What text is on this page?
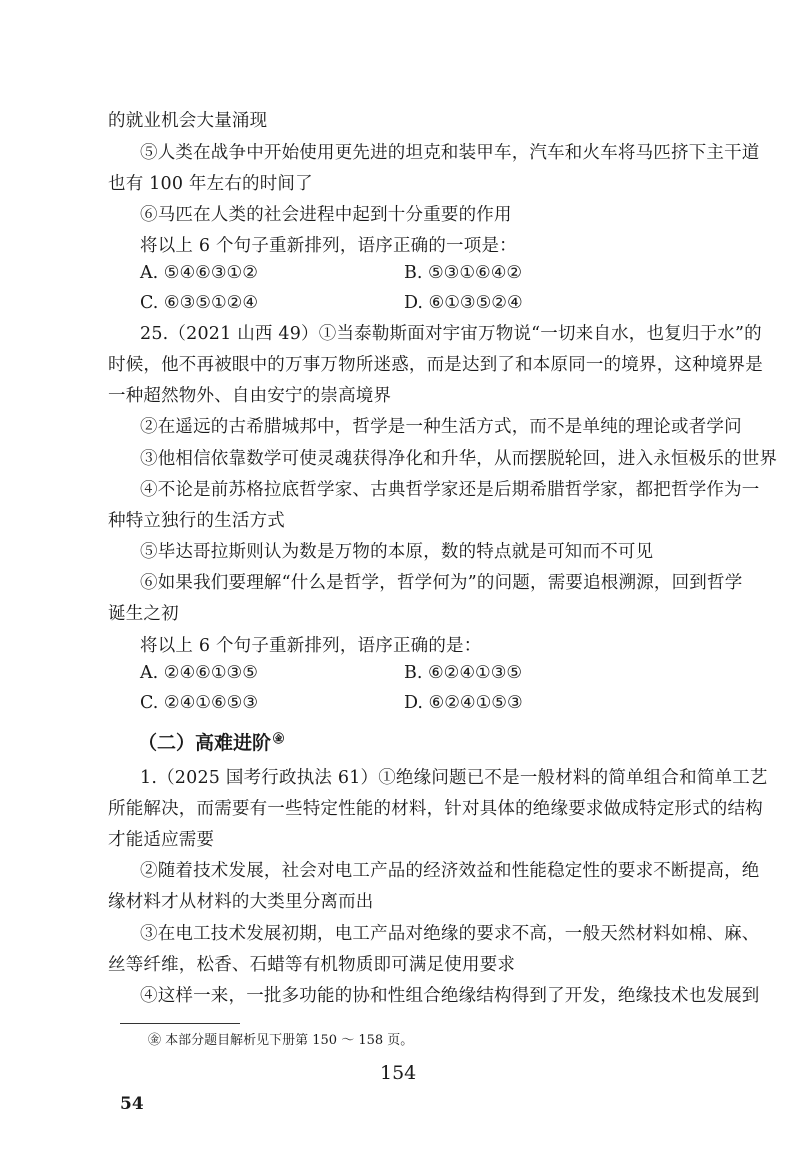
的就业机会大量涌现
⑤人类在战争中开始使用更先进的坦克和装甲车，汽车和火车将马匹挤下主干道
也有 100 年左右的时间了
⑥马匹在人类的社会进程中起到十分重要的作用
将以上 6 个句子重新排列，语序正确的一项是：
A. ⑤④⑥③①②	B. ⑤③①⑥④②
C. ⑥③⑤①②④	D. ⑥①③⑤②④
25.（2021 山西 49）①当泰勒斯面对宇宙万物说“一切来自水，也复归于水”的
时候，他不再被眼中的万事万物所迷惑，而是达到了和本原同一的境界，这种境界是
一种超然物外、自由安宁的崇高境界
②在遥远的古希腊城邦中，哲学是一种生活方式，而不是单纯的理论或者学问
③他相信依靠数学可使灵魂获得净化和升华，从而摆脱轮回，进入永恒极乐的世界
④不论是前苏格拉底哲学家、古典哲学家还是后期希腊哲学家，都把哲学作为一
种特立独行的生活方式
⑤毕达哥拉斯则认为数是万物的本原，数的特点就是可知而不可见
⑥如果我们要理解“什么是哲学，哲学何为”的问题，需要追根溯源，回到哲学
诞生之初
将以上 6 个句子重新排列，语序正确的是：
A. ②④⑥①③⑤	B. ⑥②④①③⑤
C. ②④①⑥⑤③	D. ⑥②④①⑤③
（二）高难进阶 ㊎
1.（2025 国考行政执法 61）①绝缘问题已不是一般材料的简单组合和简单工艺
所能解决，而需要有一些特定性能的材料，针对具体的绝缘要求做成特定形式的结构
才能适应需要
②随着技术发展，社会对电工产品的经济效益和性能稳定性的要求不断提高，绝
缘材料才从材料的大类里分离而出
③在电工技术发展初期，电工产品对绝缘的要求不高，一般天然材料如棉、麻、
丝等纤维，松香、石蜡等有机物质即可满足使用要求
④这样一来，一批多功能的协和性组合绝缘结构得到了开发，绝缘技术也发展到
㊎ 本部分题目解析见下册第 150 ～ 158 页。
154
54
